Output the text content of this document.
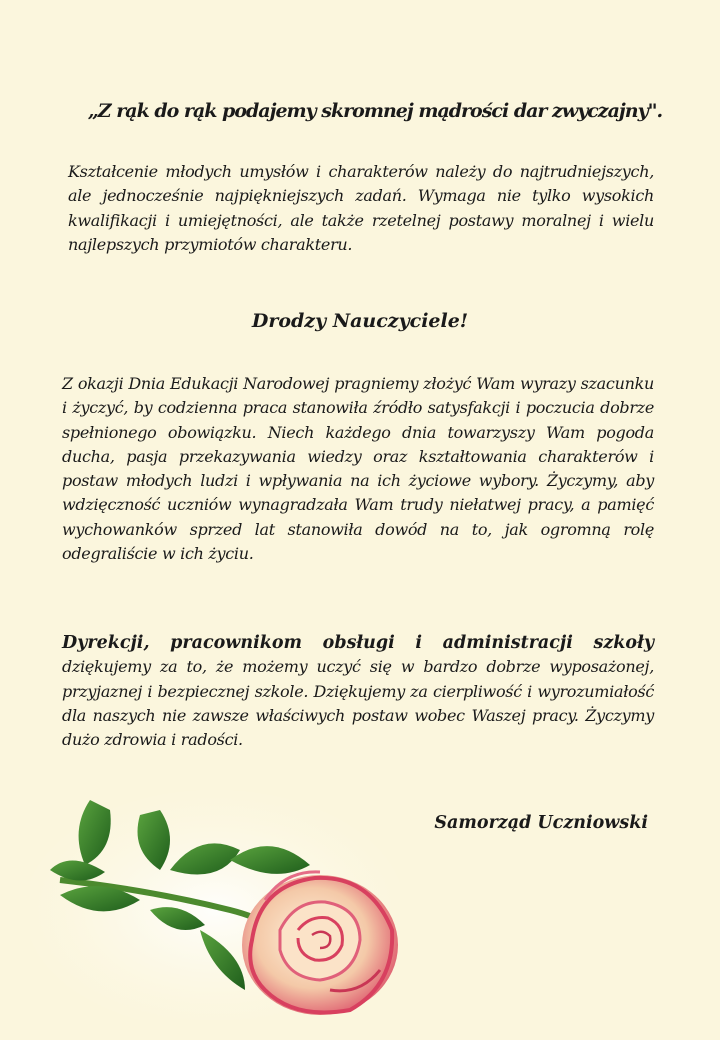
„Z rąk do rąk podajemy skromnej mądrości dar zwyczajny".
Kształcenie młodych umysłów i charakterów należy do najtrudniejszych, ale jednocześnie najpiękniejszych zadań. Wymaga nie tylko wysokich kwalifikacji i umiejętności, ale także rzetelnej postawy moralnej i wielu najlepszych przymiotów charakteru.
Drodzy Nauczyciele!
Z okazji Dnia Edukacji Narodowej pragniemy złożyć Wam wyrazy szacunku i życzyć, by codzienna praca stanowiła źródło satysfakcji i poczucia dobrze spełnionego obowiązku. Niech każdego dnia towarzyszy Wam pogoda ducha, pasja przekazywania wiedzy oraz kształtowania charakterów i postaw młodych ludzi i wpływania na ich życiowe wybory. Życzymy, aby wdzięczność uczniów wynagradzała Wam trudy niełatwej pracy, a pamięć wychowanków sprzed lat stanowiła dowód na to, jak ogromną rolę odegraliście w ich życiu.
Dyrekcji, pracownikom obsługi i administracji szkoły dziękujemy za to, że możemy uczyć się w bardzo dobrze wyposażonej, przyjaznej i bezpiecznej szkole. Dziękujemy za cierpliwość i wyrozumiałość dla naszych nie zawsze właściwych postaw wobec Waszej pracy. Życzymy dużo zdrowia i radości.
Samorząd Uczniowski
